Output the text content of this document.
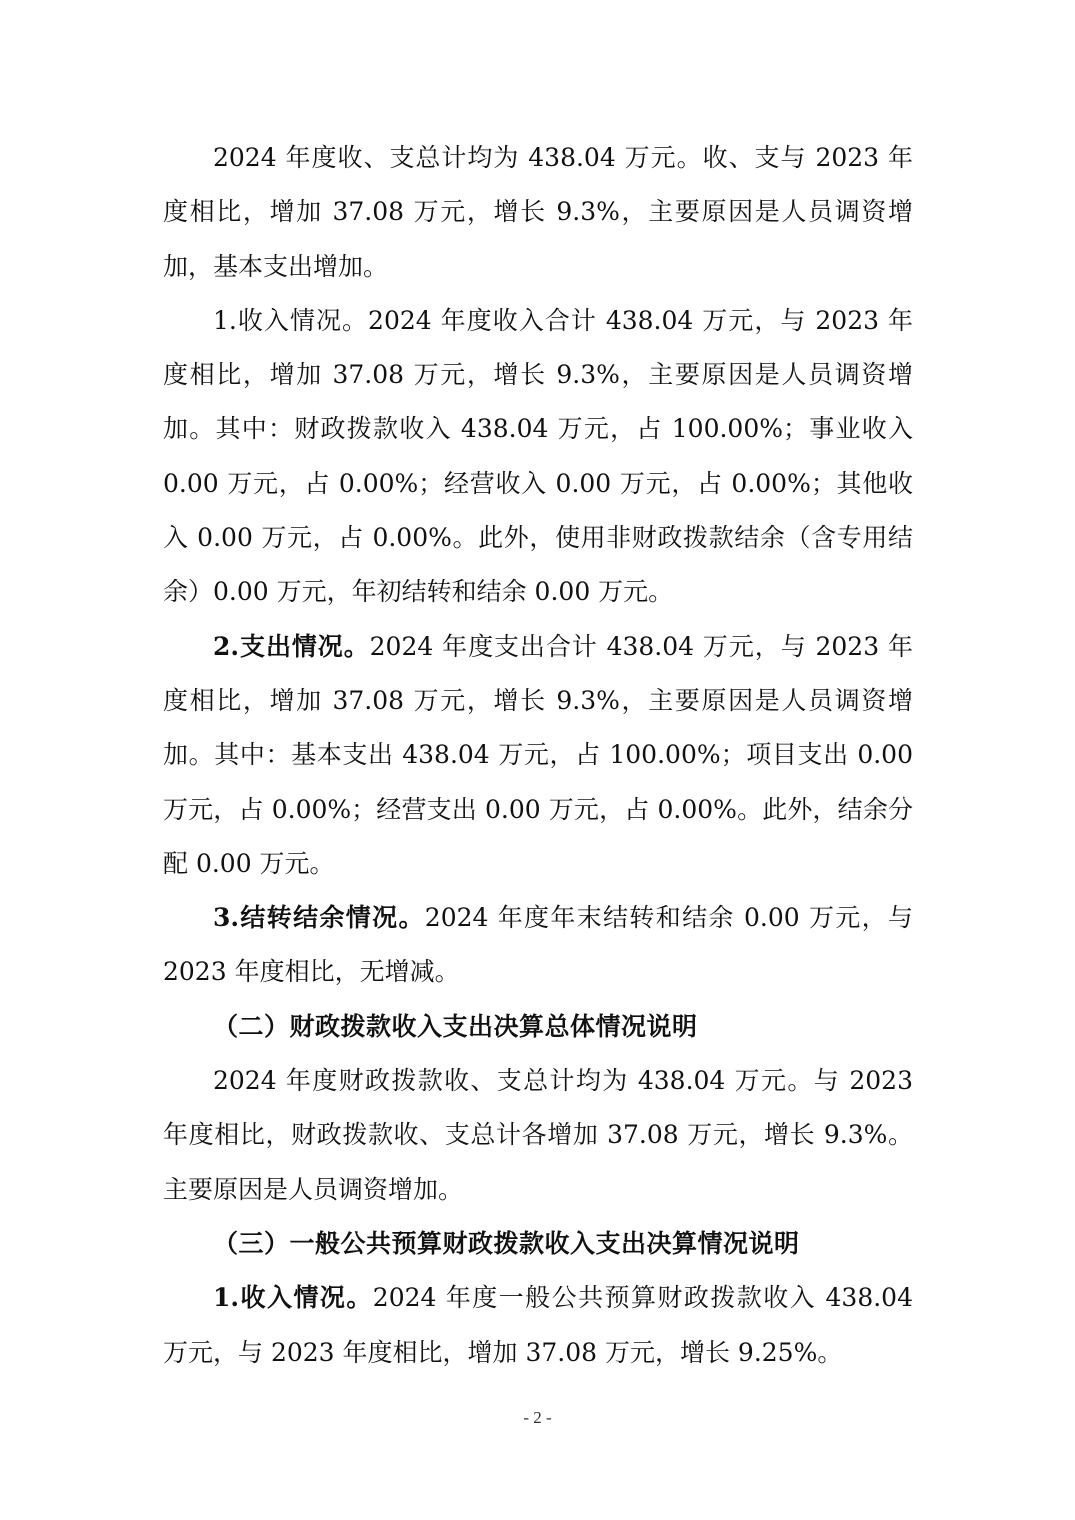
2024 年度收、支总计均为 438.04 万元。收、支与 2023 年度相比，增加 37.08 万元，增长 9.3%，主要原因是人员调资增加，基本支出增加。

1.收入情况。2024 年度收入合计 438.04 万元，与 2023 年度相比，增加 37.08 万元，增长 9.3%，主要原因是人员调资增加。其中：财政拨款收入 438.04 万元，占 100.00%；事业收入 0.00 万元，占 0.00%；经营收入 0.00 万元，占 0.00%；其他收入 0.00 万元，占 0.00%。此外，使用非财政拨款结余（含专用结余）0.00 万元，年初结转和结余 0.00 万元。

2.支出情况。2024 年度支出合计 438.04 万元，与 2023 年度相比，增加 37.08 万元，增长 9.3%，主要原因是人员调资增加。其中：基本支出 438.04 万元，占 100.00%；项目支出 0.00 万元，占 0.00%；经营支出 0.00 万元，占 0.00%。此外，结余分配 0.00 万元。

3.结转结余情况。2024 年度年末结转和结余 0.00 万元，与 2023 年度相比，无增减。

（二）财政拨款收入支出决算总体情况说明

2024 年度财政拨款收、支总计均为 438.04 万元。与 2023 年度相比，财政拨款收、支总计各增加 37.08 万元，增长 9.3%。主要原因是人员调资增加。

（三）一般公共预算财政拨款收入支出决算情况说明

1.收入情况。2024 年度一般公共预算财政拨款收入 438.04 万元，与 2023 年度相比，增加 37.08 万元，增长 9.25%。

- 2 -
